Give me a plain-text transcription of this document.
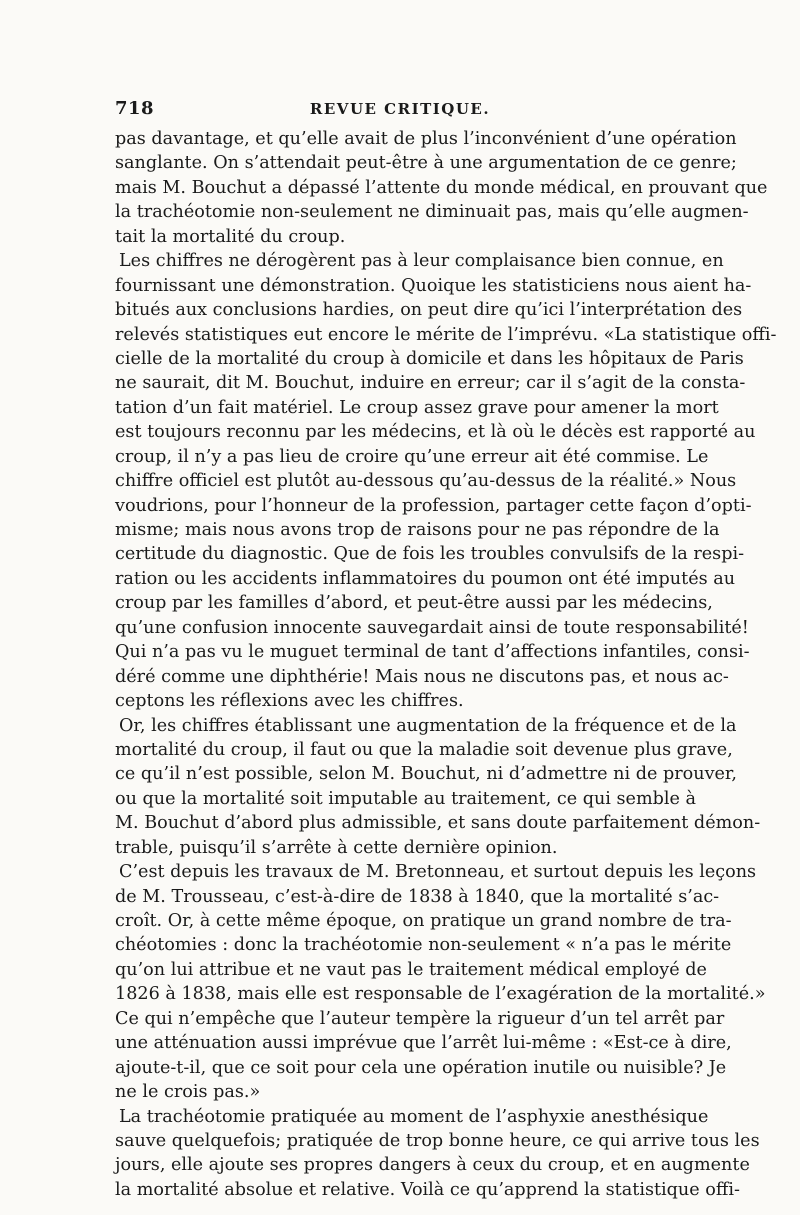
718	REVUE CRITIQUE.
pas davantage, et qu’elle avait de plus l’inconvénient d’une opération
sanglante. On s’attendait peut-être à une argumentation de ce genre;
mais M. Bouchut a dépassé l’attente du monde médical, en prouvant que
la trachéotomie non-seulement ne diminuait pas, mais qu’elle augmen-
tait la mortalité du croup.
Les chiffres ne dérogèrent pas à leur complaisance bien connue, en
fournissant une démonstration. Quoique les statisticiens nous aient ha-
bitués aux conclusions hardies, on peut dire qu’ici l’interprétation des
relevés statistiques eut encore le mérite de l’imprévu. «La statistique offi-
cielle de la mortalité du croup à domicile et dans les hôpitaux de Paris
ne saurait, dit M. Bouchut, induire en erreur; car il s’agit de la consta-
tation d’un fait matériel. Le croup assez grave pour amener la mort
est toujours reconnu par les médecins, et là où le décès est rapporté au
croup, il n’y a pas lieu de croire qu’une erreur ait été commise. Le
chiffre officiel est plutôt au-dessous qu’au-dessus de la réalité.» Nous
voudrions, pour l’honneur de la profession, partager cette façon d’opti-
misme; mais nous avons trop de raisons pour ne pas répondre de la
certitude du diagnostic. Que de fois les troubles convulsifs de la respi-
ration ou les accidents inflammatoires du poumon ont été imputés au
croup par les familles d’abord, et peut-être aussi par les médecins,
qu’une confusion innocente sauvegardait ainsi de toute responsabilité!
Qui n’a pas vu le muguet terminal de tant d’affections infantiles, consi-
déré comme une diphthérie! Mais nous ne discutons pas, et nous ac-
ceptons les réflexions avec les chiffres.
Or, les chiffres établissant une augmentation de la fréquence et de la
mortalité du croup, il faut ou que la maladie soit devenue plus grave,
ce qu’il n’est possible, selon M. Bouchut, ni d’admettre ni de prouver,
ou que la mortalité soit imputable au traitement, ce qui semble à
M. Bouchut d’abord plus admissible, et sans doute parfaitement démon-
trable, puisqu’il s’arrête à cette dernière opinion.
C’est depuis les travaux de M. Bretonneau, et surtout depuis les leçons
de M. Trousseau, c’est-à-dire de 1838 à 1840, que la mortalité s’ac-
croît. Or, à cette même époque, on pratique un grand nombre de tra-
chéotomies : donc la trachéotomie non-seulement « n’a pas le mérite
qu’on lui attribue et ne vaut pas le traitement médical employé de
1826 à 1838, mais elle est responsable de l’exagération de la mortalité.»
Ce qui n’empêche que l’auteur tempère la rigueur d’un tel arrêt par
une atténuation aussi imprévue que l’arrêt lui-même : «Est-ce à dire,
ajoute-t-il, que ce soit pour cela une opération inutile ou nuisible? Je
ne le crois pas.»
La trachéotomie pratiquée au moment de l’asphyxie anesthésique
sauve quelquefois; pratiquée de trop bonne heure, ce qui arrive tous les
jours, elle ajoute ses propres dangers à ceux du croup, et en augmente
la mortalité absolue et relative. Voilà ce qu’apprend la statistique offi-
